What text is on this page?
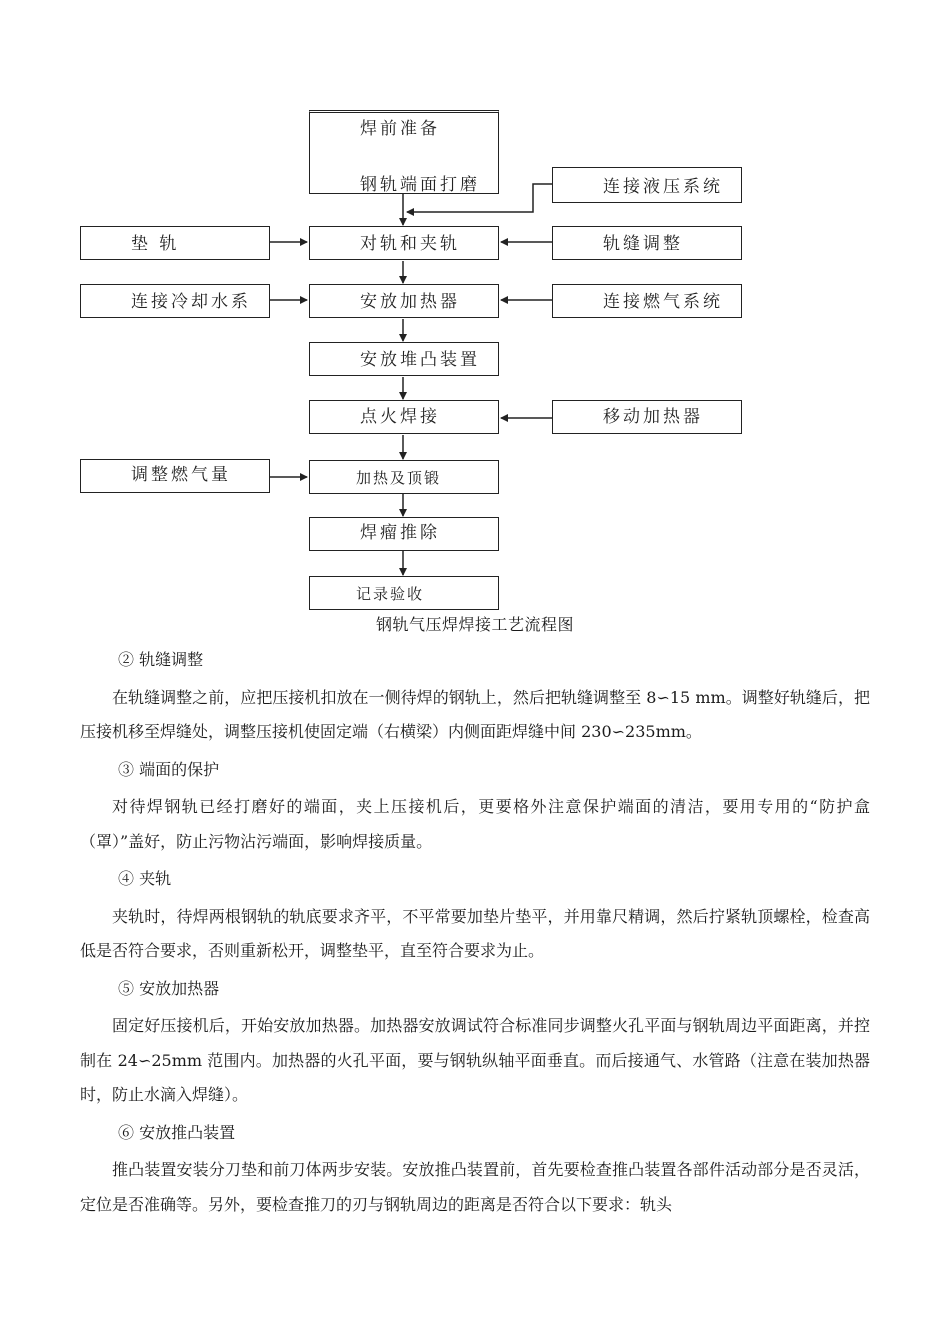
焊前准备
钢轨端面打磨	连接液压系统
垫 轨	对轨和夹轨	轨缝调整
连接冷却水系	安放加热器	连接燃气系统
安放堆凸装置
点火焊接	移动加热器
调整燃气量	加热及顶锻
焊瘤推除
记录验收
钢轨气压焊焊接工艺流程图
② 轨缝调整

在轨缝调整之前，应把压接机扣放在一侧待焊的钢轨上，然后把轨缝调整至 8∽15 mm。调整好轨缝后，把压接机移至焊缝处，调整压接机使固定端（右横梁）内侧面距焊缝中间 230∽235mm。

③ 端面的保护

对待焊钢轨已经打磨好的端面，夹上压接机后，更要格外注意保护端面的清洁，要用专用的“防护盒（罩）”盖好，防止污物沾污端面，影响焊接质量。

④ 夹轨

夹轨时，待焊两根钢轨的轨底要求齐平，不平常要加垫片垫平，并用靠尺精调，然后拧紧轨顶螺栓，检查高低是否符合要求，否则重新松开，调整垫平，直至符合要求为止。

⑤ 安放加热器

固定好压接机后，开始安放加热器。加热器安放调试符合标准同步调整火孔平面与钢轨周边平面距离，并控制在 24∽25mm 范围内。加热器的火孔平面，要与钢轨纵轴平面垂直。而后接通气、水管路（注意在装加热器时，防止水滴入焊缝）。

⑥ 安放推凸装置

推凸装置安装分刀垫和前刀体两步安装。安放推凸装置前，首先要检查推凸装置各部件活动部分是否灵活，定位是否准确等。另外，要检查推刀的刃与钢轨周边的距离是否符合以下要求：轨头
